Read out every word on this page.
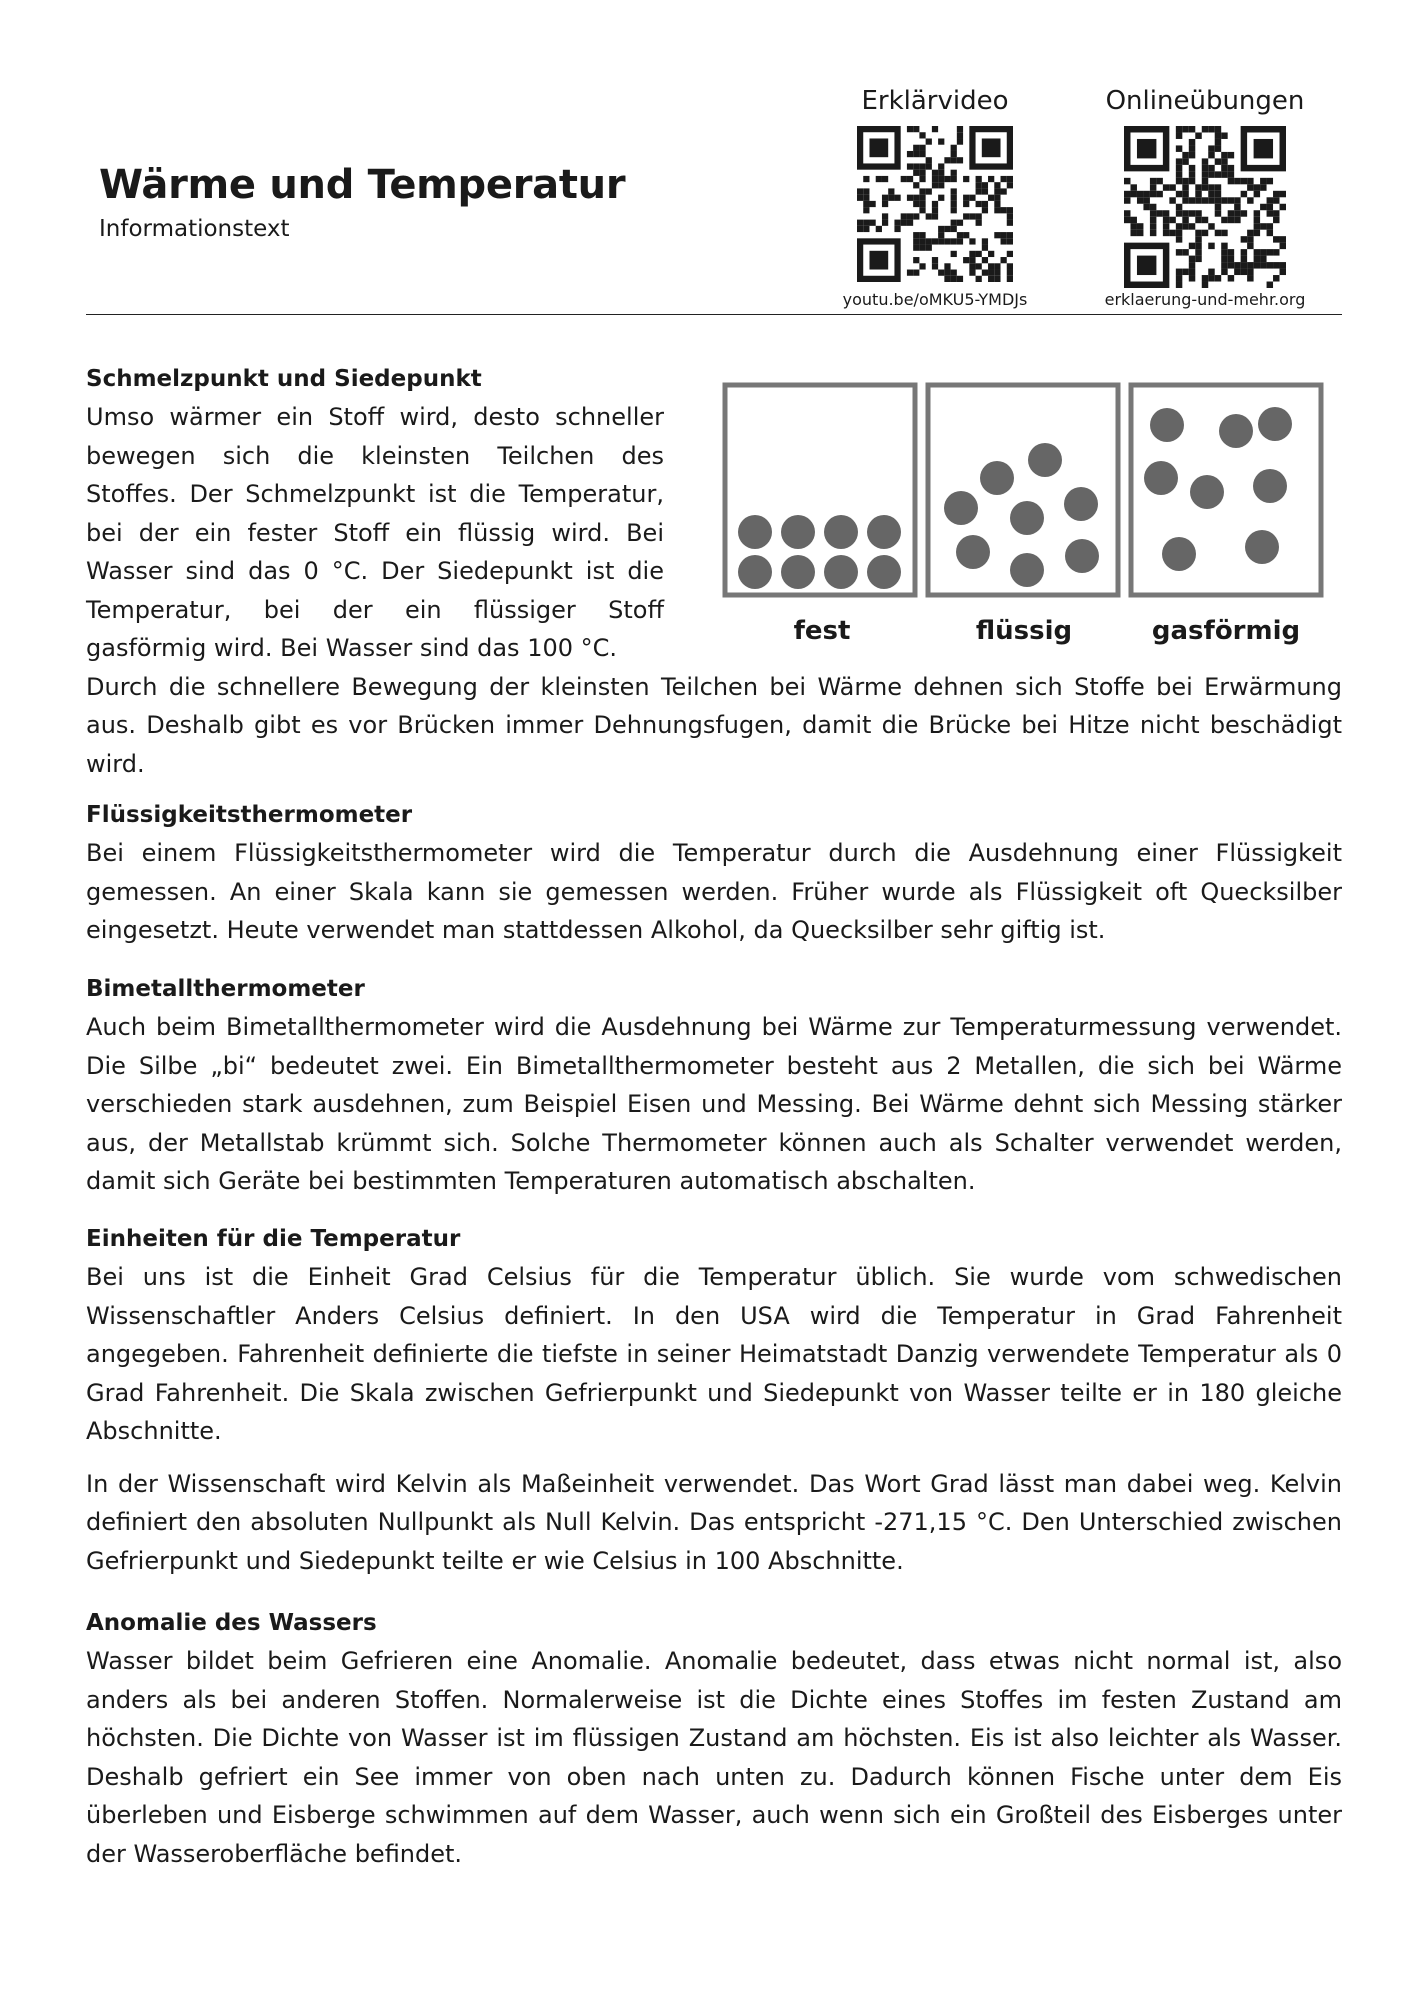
Wärme und Temperatur
Informationstext
Erklärvideo
youtu.be/oMKU5-YMDJs
Onlineübungen
erklaerung-und-mehr.org
fest	flüssig	gasförmig
Schmelzpunkt und Siedepunkt
Umso wärmer ein Stoff wird, desto schneller
bewegen sich die kleinsten Teilchen des
Stoffes. Der Schmelzpunkt ist die Temperatur,
bei der ein fester Stoff ein flüssig wird. Bei
Wasser sind das 0 °C. Der Siedepunkt ist die
Temperatur, bei der ein flüssiger Stoff
gasförmig wird. Bei Wasser sind das 100 °C.

Durch die schnellere Bewegung der kleinsten Teilchen bei Wärme dehnen sich Stoffe bei Erwärmung aus. Deshalb gibt es vor Brücken immer Dehnungsfugen, damit die Brücke bei Hitze nicht beschädigt wird.

Flüssigkeitsthermometer

Bei einem Flüssigkeitsthermometer wird die Temperatur durch die Ausdehnung einer Flüssigkeit gemessen. An einer Skala kann sie gemessen werden. Früher wurde als Flüssigkeit oft Quecksilber eingesetzt. Heute verwendet man stattdessen Alkohol, da Quecksilber sehr giftig ist.

Bimetallthermometer

Auch beim Bimetallthermometer wird die Ausdehnung bei Wärme zur Temperaturmessung verwendet. Die Silbe „bi“ bedeutet zwei. Ein Bimetallthermometer besteht aus 2 Metallen, die sich bei Wärme verschieden stark ausdehnen, zum Beispiel Eisen und Messing. Bei Wärme dehnt sich Messing stärker aus, der Metallstab krümmt sich. Solche Thermometer können auch als Schalter verwendet werden, damit sich Geräte bei bestimmten Temperaturen automatisch abschalten.

Einheiten für die Temperatur

Bei uns ist die Einheit Grad Celsius für die Temperatur üblich. Sie wurde vom schwedischen Wissenschaftler Anders Celsius definiert. In den USA wird die Temperatur in Grad Fahrenheit angegeben. Fahrenheit definierte die tiefste in seiner Heimatstadt Danzig verwendete Temperatur als 0 Grad Fahrenheit. Die Skala zwischen Gefrierpunkt und Siedepunkt von Wasser teilte er in 180 gleiche Abschnitte.

In der Wissenschaft wird Kelvin als Maßeinheit verwendet. Das Wort Grad lässt man dabei weg. Kelvin definiert den absoluten Nullpunkt als Null Kelvin. Das entspricht -271,15 °C. Den Unterschied zwischen Gefrierpunkt und Siedepunkt teilte er wie Celsius in 100 Abschnitte.

Anomalie des Wassers

Wasser bildet beim Gefrieren eine Anomalie. Anomalie bedeutet, dass etwas nicht normal ist, also anders als bei anderen Stoffen. Normalerweise ist die Dichte eines Stoffes im festen Zustand am höchsten. Die Dichte von Wasser ist im flüssigen Zustand am höchsten. Eis ist also leichter als Wasser. Deshalb gefriert ein See immer von oben nach unten zu. Dadurch können Fische unter dem Eis überleben und Eisberge schwimmen auf dem Wasser, auch wenn sich ein Großteil des Eisberges unter der Wasseroberfläche befindet.
